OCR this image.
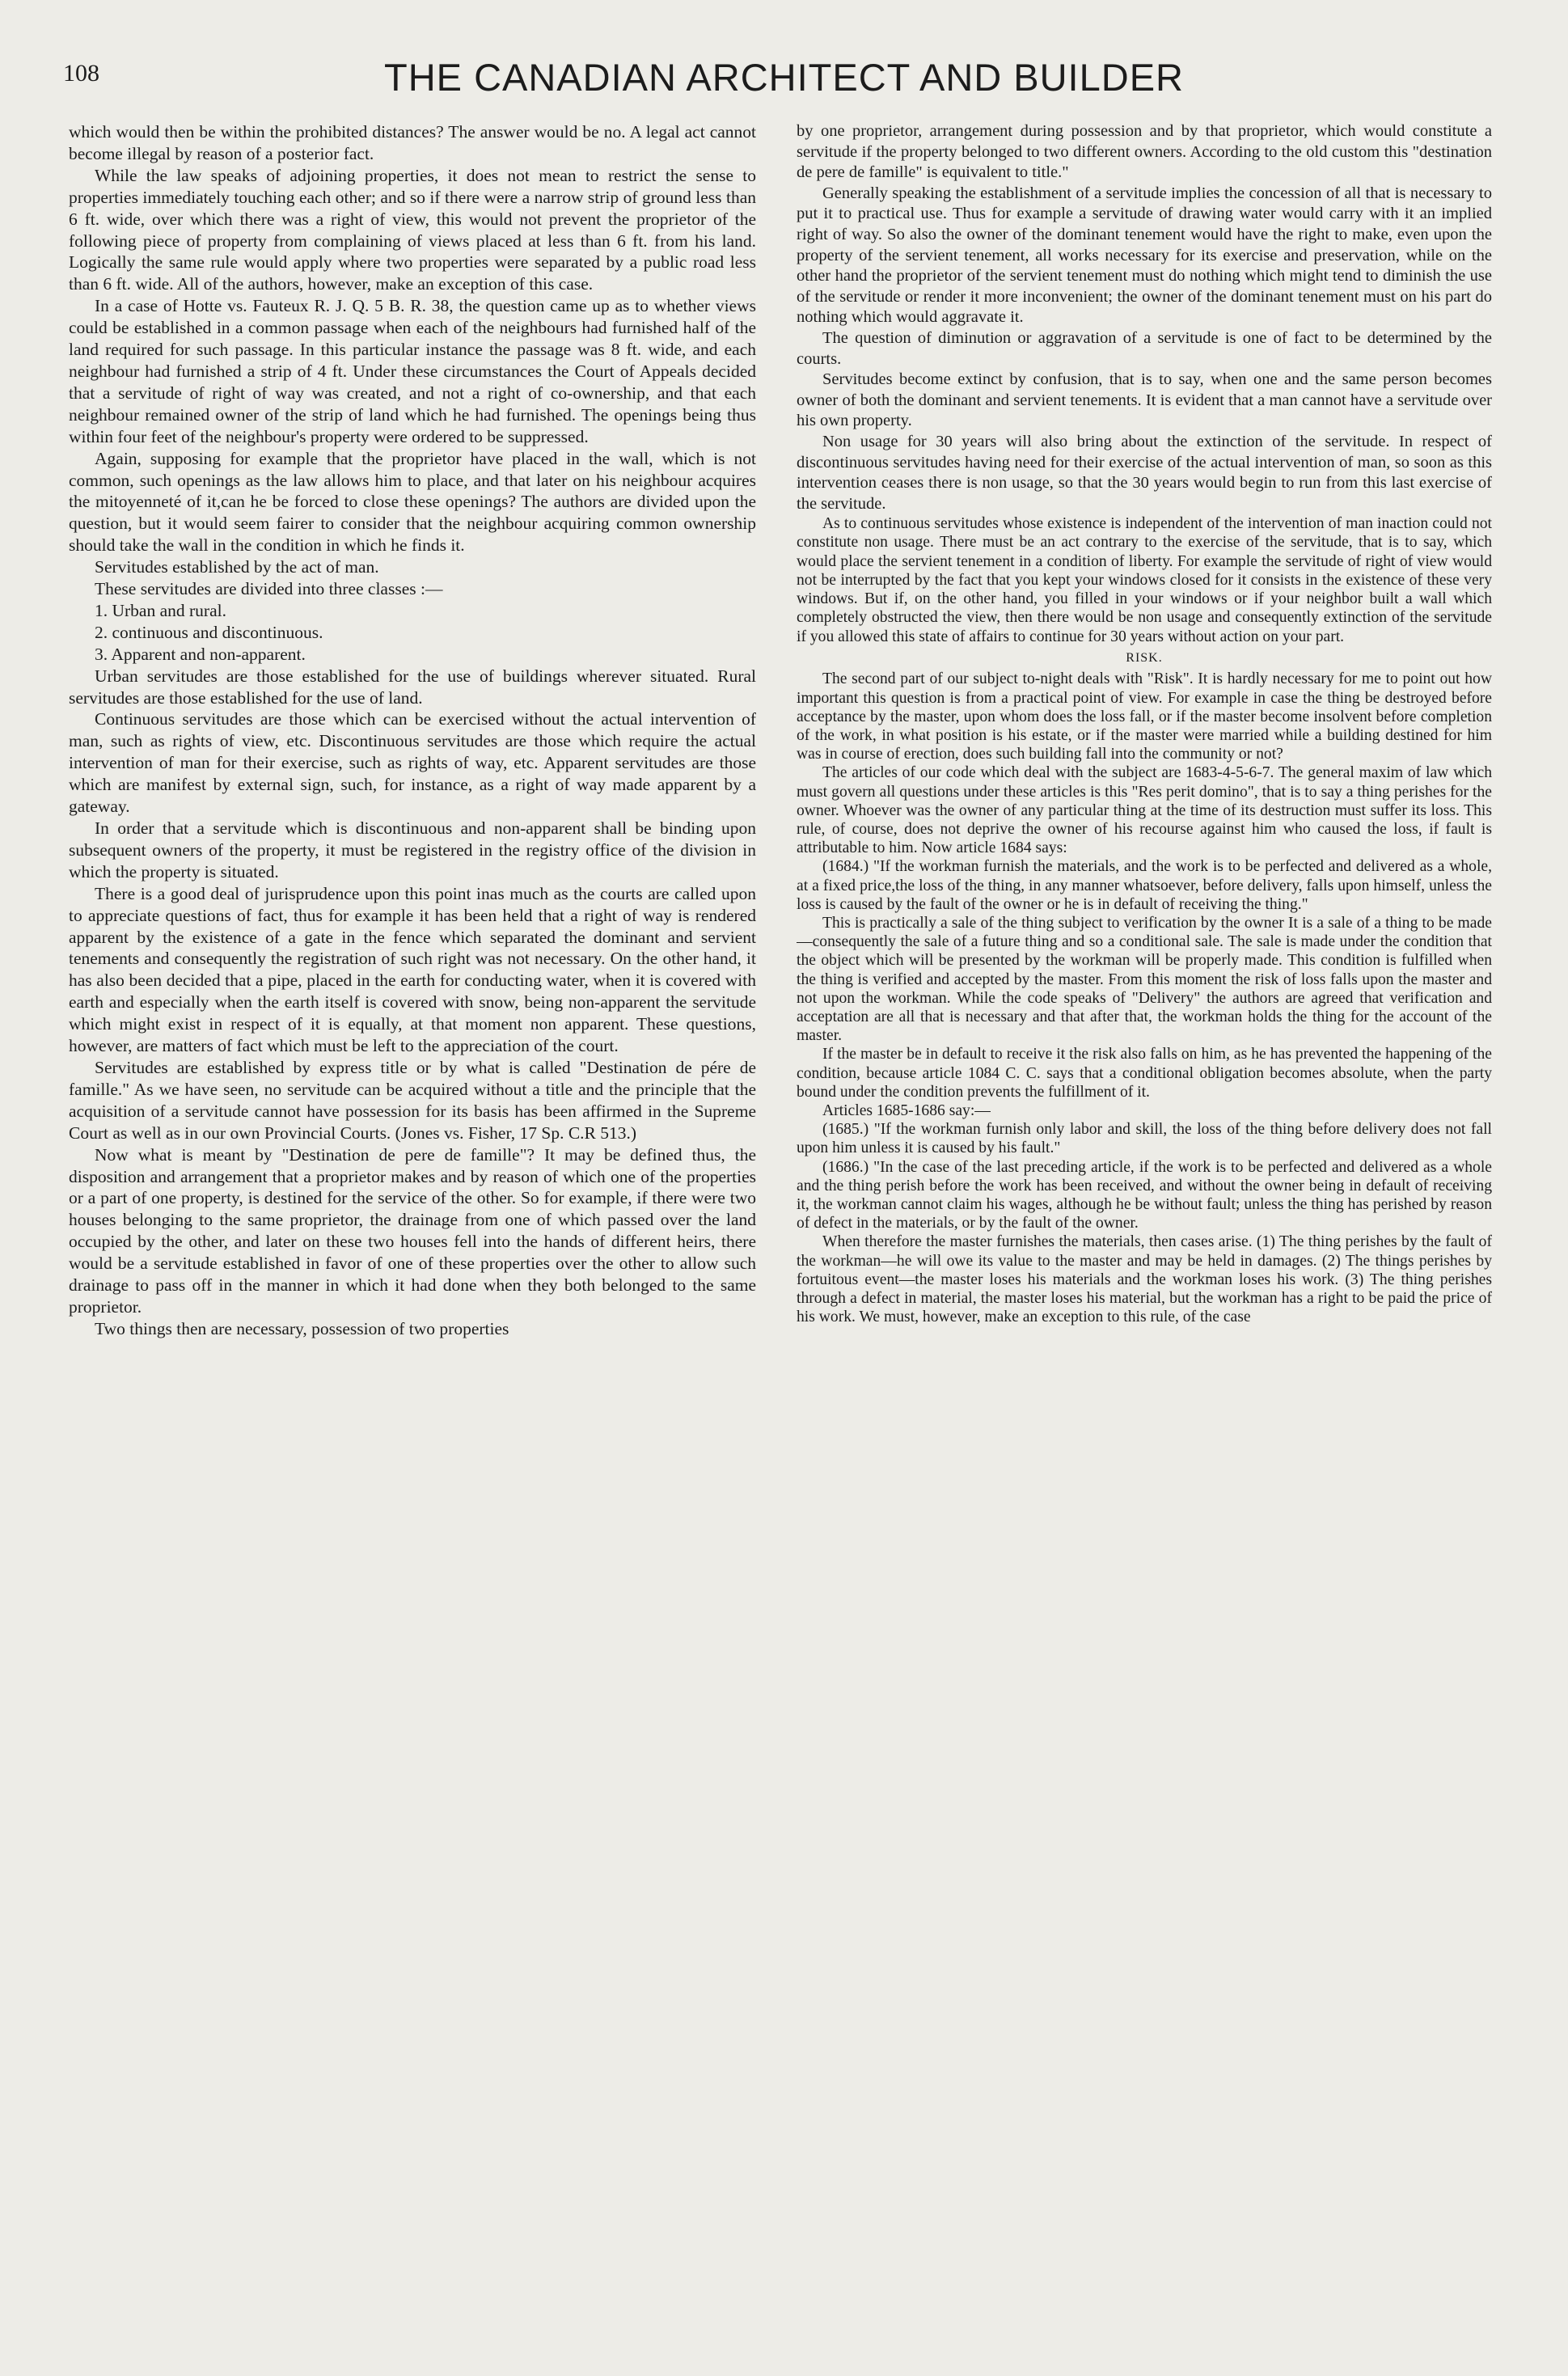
108	THE CANADIAN ARCHITECT AND BUILDER

which would then be within the prohibited distances? The answer would be no. A legal act cannot become illegal by reason of a posterior fact.

While the law speaks of adjoining properties, it does not mean to restrict the sense to properties immediately touching each other; and so if there were a narrow strip of ground less than 6 ft. wide, over which there was a right of view, this would not prevent the proprietor of the following piece of property from complaining of views placed at less than 6 ft. from his land. Logically the same rule would apply where two properties were separated by a public road less than 6 ft. wide. All of the authors, however, make an exception of this case.

In a case of Hotte vs. Fauteux R. J. Q. 5 B. R. 38, the question came up as to whether views could be established in a common passage when each of the neighbours had furnished half of the land required for such passage. In this particular instance the passage was 8 ft. wide, and each neighbour had furnished a strip of 4 ft. Under these circumstances the Court of Appeals decided that a servitude of right of way was created, and not a right of co-ownership, and that each neighbour remained owner of the strip of land which he had furnished. The openings being thus within four feet of the neighbour's property were ordered to be suppressed.

Again, supposing for example that the proprietor have placed in the wall, which is not common, such openings as the law allows him to place, and that later on his neighbour acquires the mitoyenneté of it,can he be forced to close these openings? The authors are divided upon the question, but it would seem fairer to consider that the neighbour acquiring common ownership should take the wall in the condition in which he finds it.

Servitudes established by the act of man.

These servitudes are divided into three classes :—

1. Urban and rural.

2. continuous and discontinuous.

3. Apparent and non-apparent.

Urban servitudes are those established for the use of buildings wherever situated. Rural servitudes are those established for the use of land.

Continuous servitudes are those which can be exercised without the actual intervention of man, such as rights of view, etc. Discontinuous servitudes are those which require the actual intervention of man for their exercise, such as rights of way, etc. Apparent servitudes are those which are manifest by external sign, such, for instance, as a right of way made apparent by a gateway.

In order that a servitude which is discontinuous and non-apparent shall be binding upon subsequent owners of the property, it must be registered in the registry office of the division in which the property is situated.

There is a good deal of jurisprudence upon this point inas much as the courts are called upon to appreciate questions of fact, thus for example it has been held that a right of way is rendered apparent by the existence of a gate in the fence which separated the dominant and servient tenements and consequently the registration of such right was not necessary. On the other hand, it has also been decided that a pipe, placed in the earth for conducting water, when it is covered with earth and especially when the earth itself is covered with snow, being non-apparent the servitude which might exist in respect of it is equally, at that moment non apparent. These questions, however, are matters of fact which must be left to the appreciation of the court.

Servitudes are established by express title or by what is called "Destination de pére de famille." As we have seen, no servitude can be acquired without a title and the principle that the acquisition of a servitude cannot have possession for its basis has been affirmed in the Supreme Court as well as in our own Provincial Courts. (Jones vs. Fisher, 17 Sp. C.R 513.)

Now what is meant by "Destination de pere de famille"? It may be defined thus, the disposition and arrangement that a proprietor makes and by reason of which one of the properties or a part of one property, is destined for the service of the other. So for example, if there were two houses belonging to the same proprietor, the drainage from one of which passed over the land occupied by the other, and later on these two houses fell into the hands of different heirs, there would be a servitude established in favor of one of these properties over the other to allow such drainage to pass off in the manner in which it had done when they both belonged to the same proprietor.

Two things then are necessary, possession of two properties

by one proprietor, arrangement during possession and by that proprietor, which would constitute a servitude if the property belonged to two different owners. According to the old custom this "destination de pere de famille" is equivalent to title."

Generally speaking the establishment of a servitude implies the concession of all that is necessary to put it to practical use. Thus for example a servitude of drawing water would carry with it an implied right of way. So also the owner of the dominant tenement would have the right to make, even upon the property of the servient tenement, all works necessary for its exercise and preservation, while on the other hand the proprietor of the servient tenement must do nothing which might tend to diminish the use of the servitude or render it more inconvenient; the owner of the dominant tenement must on his part do nothing which would aggravate it.

The question of diminution or aggravation of a servitude is one of fact to be determined by the courts.

Servitudes become extinct by confusion, that is to say, when one and the same person becomes owner of both the dominant and servient tenements. It is evident that a man cannot have a servitude over his own property.

Non usage for 30 years will also bring about the extinction of the servitude. In respect of discontinuous servitudes having need for their exercise of the actual intervention of man, so soon as this intervention ceases there is non usage, so that the 30 years would begin to run from this last exercise of the servitude.

As to continuous servitudes whose existence is independent of the intervention of man inaction could not constitute non usage. There must be an act contrary to the exercise of the servitude, that is to say, which would place the servient tenement in a condition of liberty. For example the servitude of right of view would not be interrupted by the fact that you kept your windows closed for it consists in the existence of these very windows. But if, on the other hand, you filled in your windows or if your neighbor built a wall which completely obstructed the view, then there would be non usage and consequently extinction of the servitude if you allowed this state of affairs to continue for 30 years without action on your part.

RISK.

The second part of our subject to-night deals with "Risk". It is hardly necessary for me to point out how important this question is from a practical point of view. For example in case the thing be destroyed before acceptance by the master, upon whom does the loss fall, or if the master become insolvent before completion of the work, in what position is his estate, or if the master were married while a building destined for him was in course of erection, does such building fall into the community or not?

The articles of our code which deal with the subject are 1683-4-5-6-7. The general maxim of law which must govern all questions under these articles is this "Res perit domino", that is to say a thing perishes for the owner. Whoever was the owner of any particular thing at the time of its destruction must suffer its loss. This rule, of course, does not deprive the owner of his recourse against him who caused the loss, if fault is attributable to him. Now article 1684 says:

(1684.) "If the workman furnish the materials, and the work is to be perfected and delivered as a whole, at a fixed price,the loss of the thing, in any manner whatsoever, before delivery, falls upon himself, unless the loss is caused by the fault of the owner or he is in default of receiving the thing."

This is practically a sale of the thing subject to verification by the owner It is a sale of a thing to be made—consequently the sale of a future thing and so a conditional sale. The sale is made under the condition that the object which will be presented by the workman will be properly made. This condition is fulfilled when the thing is verified and accepted by the master. From this moment the risk of loss falls upon the master and not upon the workman. While the code speaks of "Delivery" the authors are agreed that verification and acceptation are all that is necessary and that after that, the workman holds the thing for the account of the master.

If the master be in default to receive it the risk also falls on him, as he has prevented the happening of the condition, because article 1084 C. C. says that a conditional obligation becomes absolute, when the party bound under the condition prevents the fulfillment of it.

Articles 1685-1686 say:—

(1685.) "If the workman furnish only labor and skill, the loss of the thing before delivery does not fall upon him unless it is caused by his fault."

(1686.) "In the case of the last preceding article, if the work is to be perfected and delivered as a whole and the thing perish before the work has been received, and without the owner being in default of receiving it, the workman cannot claim his wages, although he be without fault; unless the thing has perished by reason of defect in the materials, or by the fault of the owner.

When therefore the master furnishes the materials, then cases arise. (1) The thing perishes by the fault of the workman—he will owe its value to the master and may be held in damages. (2) The things perishes by fortuitous event—the master loses his materials and the workman loses his work. (3) The thing perishes through a defect in material, the master loses his material, but the workman has a right to be paid the price of his work. We must, however, make an exception to this rule, of the case
